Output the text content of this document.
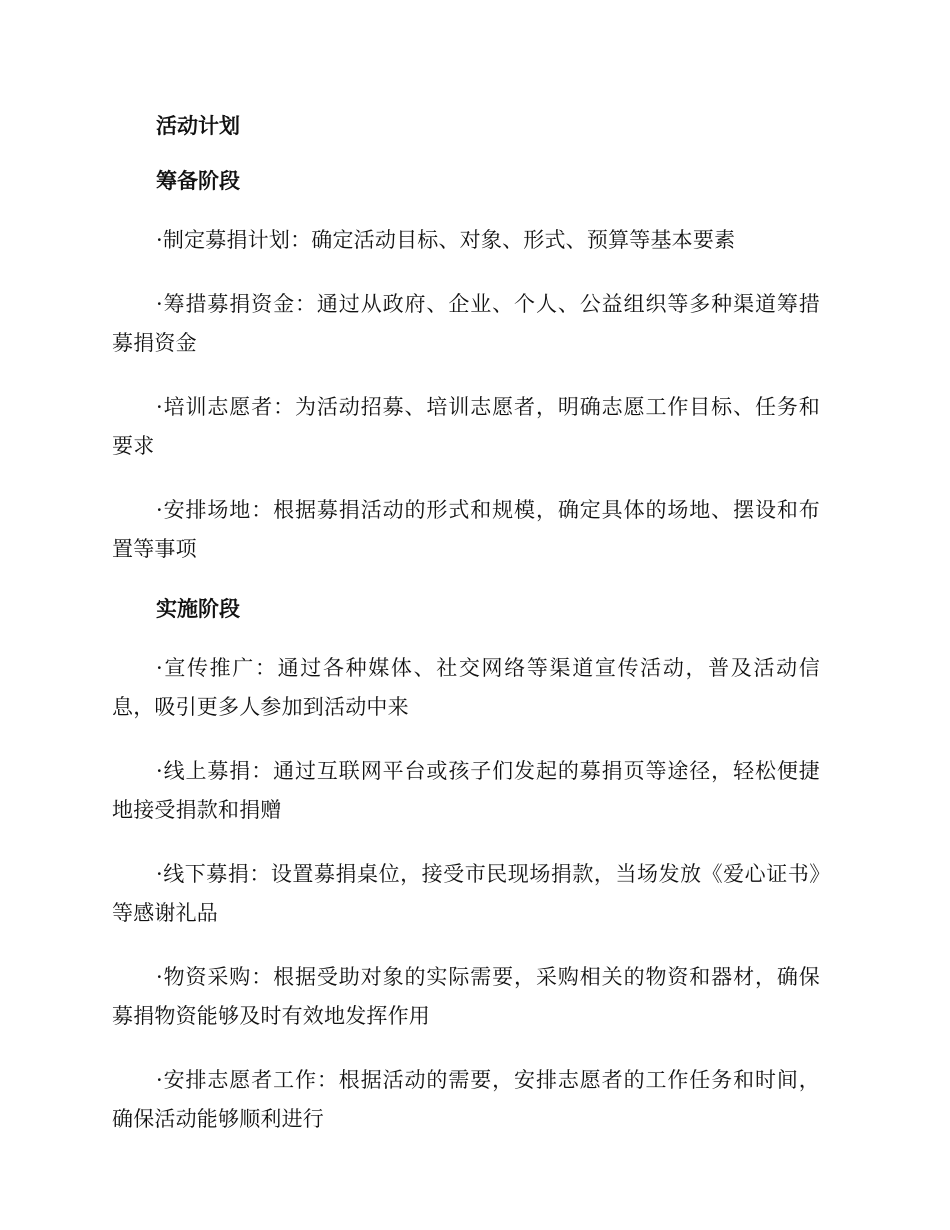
活动计划
筹备阶段

·制定募捐计划：确定活动目标、对象、形式、预算等基本要素

·筹措募捐资金：通过从政府、企业、个人、公益组织等多种渠道筹措募捐资金

·培训志愿者：为活动招募、培训志愿者，明确志愿工作目标、任务和要求

·安排场地：根据募捐活动的形式和规模，确定具体的场地、摆设和布置等事项

实施阶段

·宣传推广：通过各种媒体、社交网络等渠道宣传活动，普及活动信息，吸引更多人参加到活动中来

·线上募捐：通过互联网平台或孩子们发起的募捐页等途径，轻松便捷地接受捐款和捐赠

·线下募捐：设置募捐桌位，接受市民现场捐款，当场发放《爱心证书》等感谢礼品

·物资采购：根据受助对象的实际需要，采购相关的物资和器材，确保募捐物资能够及时有效地发挥作用

·安排志愿者工作：根据活动的需要，安排志愿者的工作任务和时间，确保活动能够顺利进行
